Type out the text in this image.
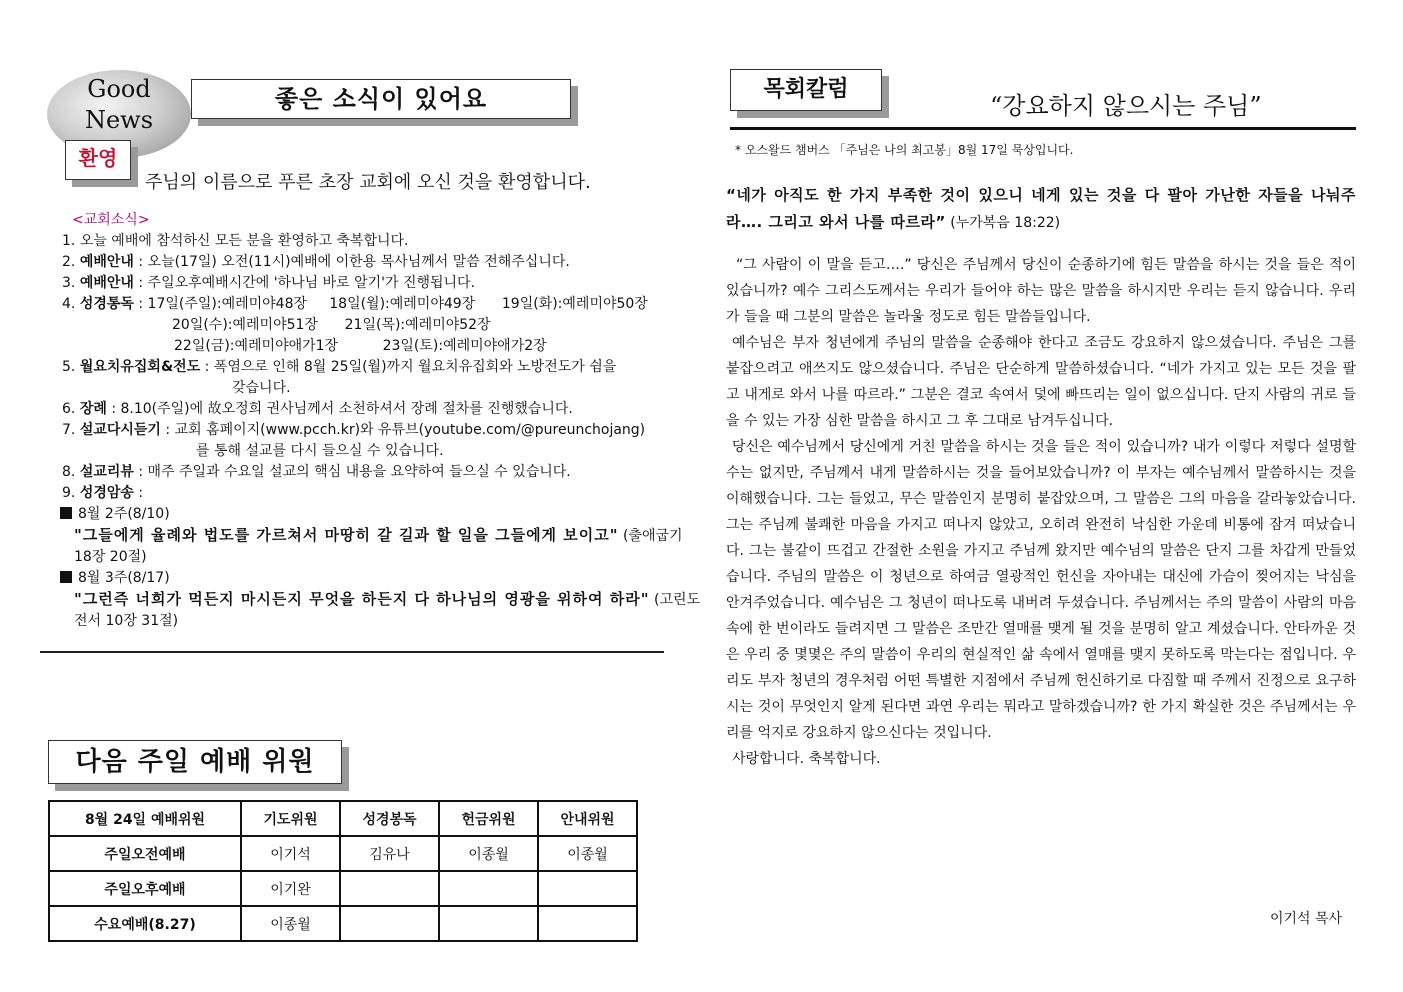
Good
News
좋은 소식이 있어요
환영
주님의 이름으로 푸른 초장 교회에 오신 것을 환영합니다.
<교회소식>
1. 오늘 예배에 참석하신 모든 분을 환영하고 축복합니다.
2. 예배안내 : 오늘(17일) 오전(11시)예배에 이한용 목사님께서 말씀 전해주십니다.
3. 예배안내 : 주일오후예배시간에 '하나님 바로 알기'가 진행됩니다.
4. 성경통독 : 17일(주일):예레미야48장     18일(월):예레미야49장      19일(화):예레미야50장
20일(수):예레미야51장      21일(목):예레미야52장
22일(금):예레미야애가1장          23일(토):예레미야애가2장
5. 월요치유집회&전도 : 폭염으로 인해 8월 25일(월)까지 월요치유집회와 노방전도가 쉼을
갖습니다.
6. 장례 : 8.10(주일)에 故오정희 권사님께서 소천하셔서 장례 절차를 진행했습니다.
7. 설교다시듣기 : 교회 홈페이지(www.pcch.kr)와 유튜브(youtube.com/@pureunchojang)
를 통해 설교를 다시 들으실 수 있습니다.
8. 설교리뷰 : 매주 주일과 수요일 설교의 핵심 내용을 요약하여 들으실 수 있습니다.
9. 성경암송 :
8월 2주(8/10)
"그들에게 율례와 법도를 가르쳐서 마땅히 갈 길과 할 일을 그들에게 보이고" (출애굽기 18장 20절)
8월 3주(8/17)
"그런즉 너희가 먹든지 마시든지 무엇을 하든지 다 하나님의 영광을 위하여 하라" (고린도전서 10장 31절)
다음 주일 예배 위원
8월 24일 예배위원	기도위원	성경봉독	헌금위원	안내위원
주일오전예배	이기석	김유나	이종월	이종월
주일오후예배	이기완			
수요예배(8.27)	이종월			
목회칼럼
“강요하지 않으시는 주님”
* 오스왈드 챔버스 「주님은 나의 최고봉」8월 17일 묵상입니다.

“네가 아직도 한 가지 부족한 것이 있으니 네게 있는 것을 다 팔아 가난한 자들을 나눠주라…. 그리고 와서 나를 따르라” (누가복음 18:22)

“그 사람이 이 말을 듣고….” 당신은 주님께서 당신이 순종하기에 힘든 말씀을 하시는 것을 들은 적이 있습니까? 예수 그리스도께서는 우리가 들어야 하는 많은 말씀을 하시지만 우리는 듣지 않습니다. 우리가 들을 때 그분의 말씀은 놀라울 정도로 힘든 말씀들입니다.

예수님은 부자 청년에게 주님의 말씀을 순종해야 한다고 조금도 강요하지 않으셨습니다. 주님은 그를 붙잡으려고 애쓰지도 않으셨습니다. 주님은 단순하게 말씀하셨습니다. “네가 가지고 있는 모든 것을 팔고 내게로 와서 나를 따르라.” 그분은 결코 속여서 덫에 빠뜨리는 일이 없으십니다. 단지 사람의 귀로 들을 수 있는 가장 심한 말씀을 하시고 그 후 그대로 남겨두십니다.

당신은 예수님께서 당신에게 거친 말씀을 하시는 것을 들은 적이 있습니까? 내가 이렇다 저렇다 설명할 수는 없지만, 주님께서 내게 말씀하시는 것을 들어보았습니까? 이 부자는 예수님께서 말씀하시는 것을 이해했습니다. 그는 들었고, 무슨 말씀인지 분명히 붙잡았으며, 그 말씀은 그의 마음을 갈라놓았습니다. 그는 주님께 불쾌한 마음을 가지고 떠나지 않았고, 오히려 완전히 낙심한 가운데 비통에 잠겨 떠났습니다. 그는 불같이 뜨겁고 간절한 소원을 가지고 주님께 왔지만 예수님의 말씀은 단지 그를 차갑게 만들었습니다. 주님의 말씀은 이 청년으로 하여금 열광적인 헌신을 자아내는 대신에 가슴이 찢어지는 낙심을 안겨주었습니다. 예수님은 그 청년이 떠나도록 내버려 두셨습니다. 주님께서는 주의 말씀이 사람의 마음속에 한 번이라도 들려지면 그 말씀은 조만간 열매를 맺게 될 것을 분명히 알고 계셨습니다. 안타까운 것은 우리 중 몇몇은 주의 말씀이 우리의 현실적인 삶 속에서 열매를 맺지 못하도록 막는다는 점입니다. 우리도 부자 청년의 경우처럼 어떤 특별한 지점에서 주님께 헌신하기로 다짐할 때 주께서 진정으로 요구하시는 것이 무엇인지 알게 된다면 과연 우리는 뭐라고 말하겠습니까? 한 가지 확실한 것은 주님께서는 우리를 억지로 강요하지 않으신다는 것입니다.

사랑합니다. 축복합니다.

이기석 목사
